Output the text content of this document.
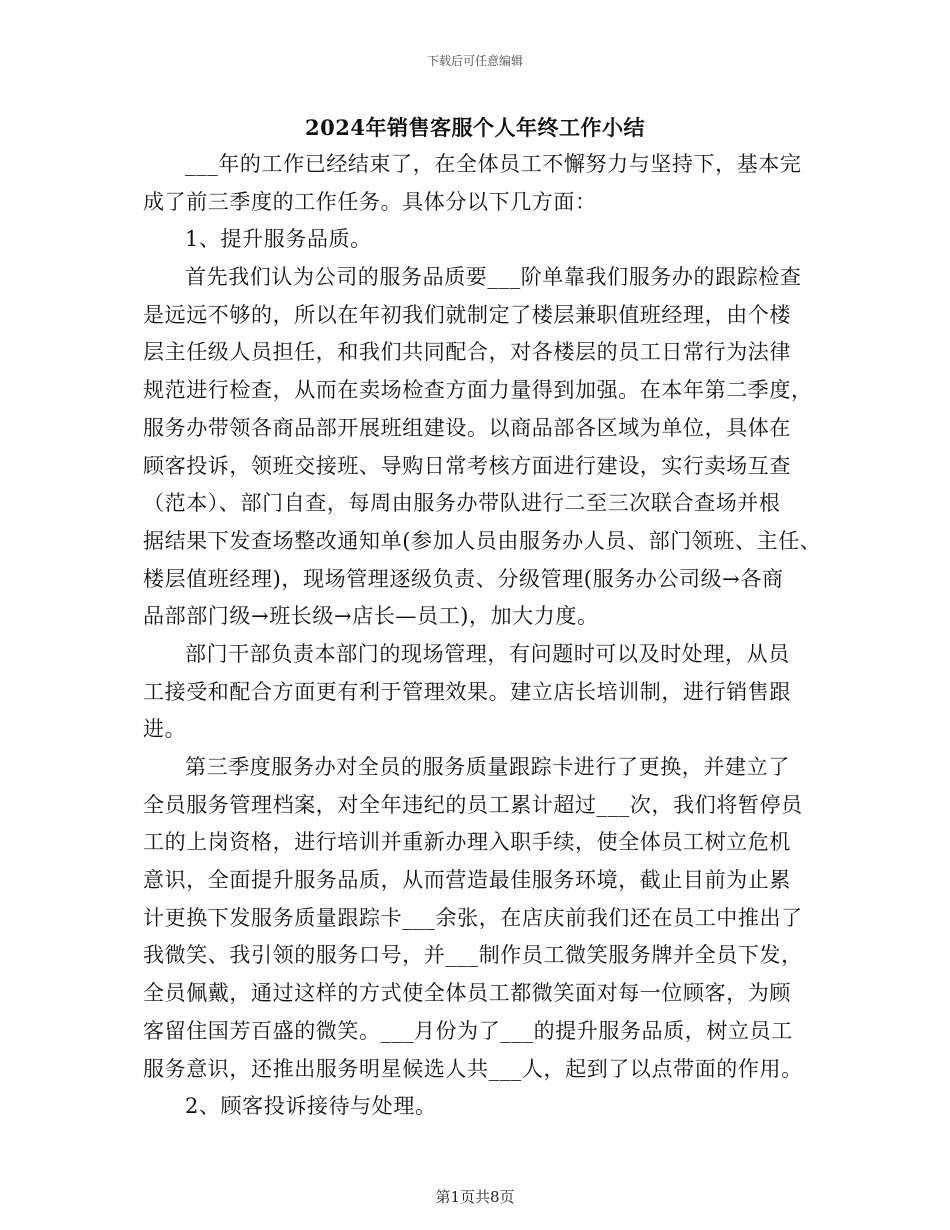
下载后可任意编辑
2024年销售客服个人年终工作小结
___年的工作已经结束了，在全体员工不懈努力与坚持下，基本完
成了前三季度的工作任务。具体分以下几方面：
1、提升服务品质。
首先我们认为公司的服务品质要___阶单靠我们服务办的跟踪检查
是远远不够的，所以在年初我们就制定了楼层兼职值班经理，由个楼
层主任级人员担任，和我们共同配合，对各楼层的员工日常行为法律
规范进行检查，从而在卖场检查方面力量得到加强。在本年第二季度，
服务办带领各商品部开展班组建设。以商品部各区域为单位，具体在
顾客投诉，领班交接班、导购日常考核方面进行建设，实行卖场互查
（范本）、部门自查，每周由服务办带队进行二至三次联合查场并根
据结果下发查场整改通知单(参加人员由服务办人员、部门领班、主任、
楼层值班经理)，现场管理逐级负责、分级管理(服务办公司级→各商
品部部门级→班长级→店长—员工)，加大力度。
部门干部负责本部门的现场管理，有问题时可以及时处理，从员
工接受和配合方面更有利于管理效果。建立店长培训制，进行销售跟
进。
第三季度服务办对全员的服务质量跟踪卡进行了更换，并建立了
全员服务管理档案，对全年违纪的员工累计超过___次，我们将暂停员
工的上岗资格，进行培训并重新办理入职手续，使全体员工树立危机
意识，全面提升服务品质，从而营造最佳服务环境，截止目前为止累
计更换下发服务质量跟踪卡___余张，在店庆前我们还在员工中推出了
我微笑、我引领的服务口号，并___制作员工微笑服务牌并全员下发，
全员佩戴，通过这样的方式使全体员工都微笑面对每一位顾客，为顾
客留住国芳百盛的微笑。___月份为了___的提升服务品质，树立员工
服务意识，还推出服务明星候选人共___人，起到了以点带面的作用。
2、顾客投诉接待与处理。
第1页共8页
